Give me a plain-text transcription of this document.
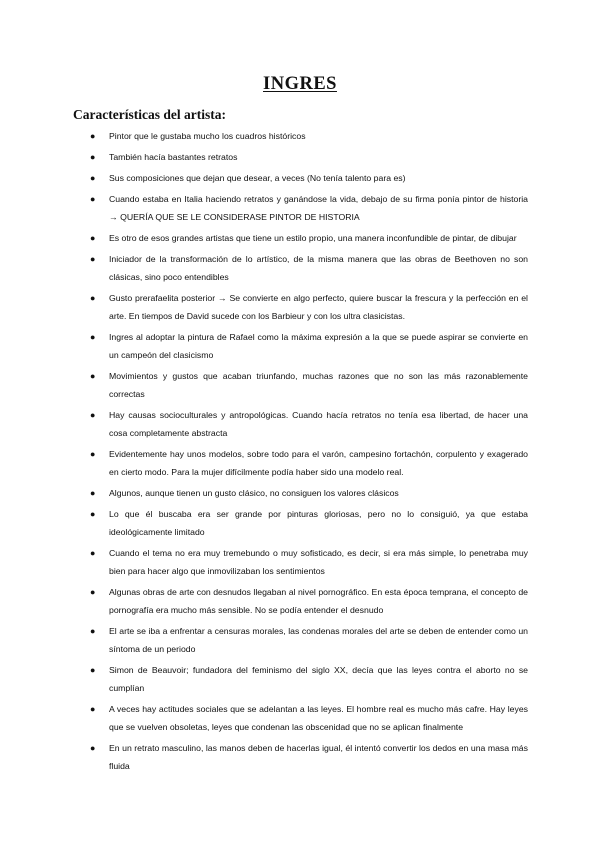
INGRES
Características del artista:
● Pintor que le gustaba mucho los cuadros históricos
● También hacía bastantes retratos
● Sus composiciones que dejan que desear, a veces (No tenía talento para es)
● Cuando estaba en Italia haciendo retratos y ganándose la vida, debajo de su firma ponía pintor de historia → QUERÍA QUE SE LE CONSIDERASE PINTOR DE HISTORIA
● Es otro de esos grandes artistas que tiene un estilo propio, una manera inconfundible de pintar, de dibujar
● Iniciador de la transformación de lo artístico, de la misma manera que las obras de Beethoven no son clásicas, sino poco entendibles
● Gusto prerafaelita posterior → Se convierte en algo perfecto, quiere buscar la frescura y la perfección en el arte. En tiempos de David sucede con los Barbieur y con los ultra clasicistas.
● Ingres al adoptar la pintura de Rafael como la máxima expresión a la que se puede aspirar se convierte en un campeón del clasicismo
● Movimientos y gustos que acaban triunfando, muchas razones que no son las más razonablemente correctas
● Hay causas socioculturales y antropológicas. Cuando hacía retratos no tenía esa libertad, de hacer una cosa completamente abstracta
● Evidentemente hay unos modelos, sobre todo para el varón, campesino fortachón, corpulento y exagerado en cierto modo. Para la mujer difícilmente podía haber sido una modelo real.
● Algunos, aunque tienen un gusto clásico, no consiguen los valores clásicos
● Lo que él buscaba era ser grande por pinturas gloriosas, pero no lo consiguió, ya que estaba ideológicamente limitado
● Cuando el tema no era muy tremebundo o muy sofisticado, es decir, si era más simple, lo penetraba muy bien para hacer algo que inmovilizaban los sentimientos
● Algunas obras de arte con desnudos llegaban al nivel pornográfico. En esta época temprana, el concepto de pornografía era mucho más sensible. No se podía entender el desnudo
● El arte se iba a enfrentar a censuras morales, las condenas morales del arte se deben de entender como un síntoma de un periodo
● Simon de Beauvoir; fundadora del feminismo del siglo XX, decía que las leyes contra el aborto no se cumplían
● A veces hay actitudes sociales que se adelantan a las leyes. El hombre real es mucho más cafre. Hay leyes que se vuelven obsoletas, leyes que condenan las obscenidad que no se aplican finalmente
● En un retrato masculino, las manos deben de hacerlas igual, él intentó convertir los dedos en una masa más fluida
